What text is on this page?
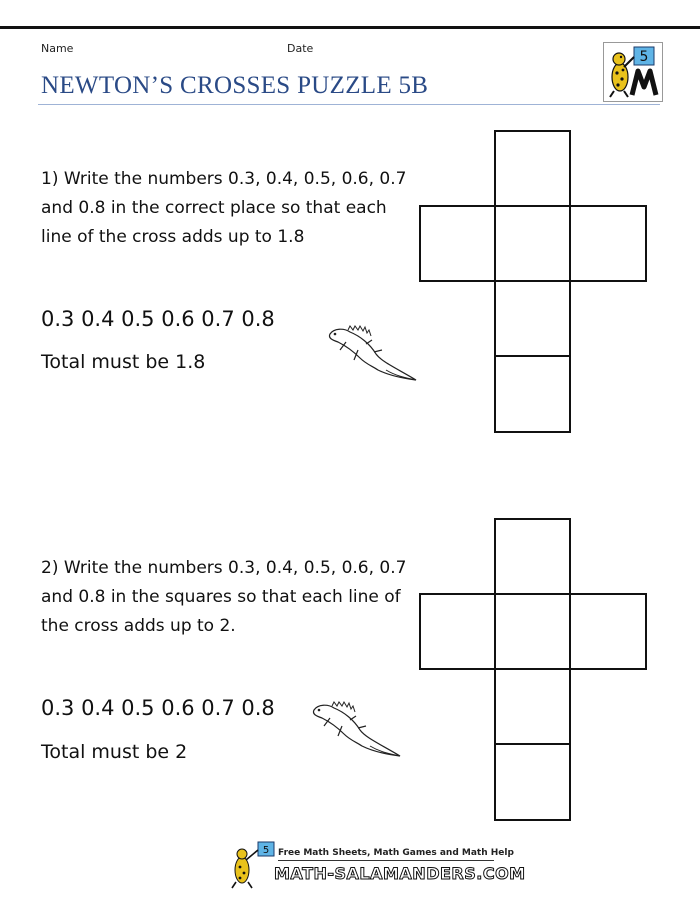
Name	Date
NEWTON’S CROSSES PUZZLE 5B
5
1) Write the numbers 0.3, 0.4, 0.5, 0.6, 0.7 and 0.8 in the correct place so that each line of the cross adds up to 1.8
0.3 0.4 0.5 0.6 0.7 0.8
Total must be 1.8
2) Write the numbers 0.3, 0.4, 0.5, 0.6, 0.7 and 0.8 in the squares so that each line of the cross adds up to 2.
0.3 0.4 0.5 0.6 0.7 0.8
Total must be 2
5 Free Math Sheets, Math Games and Math Help
MATH-SALAMANDERS.COM
